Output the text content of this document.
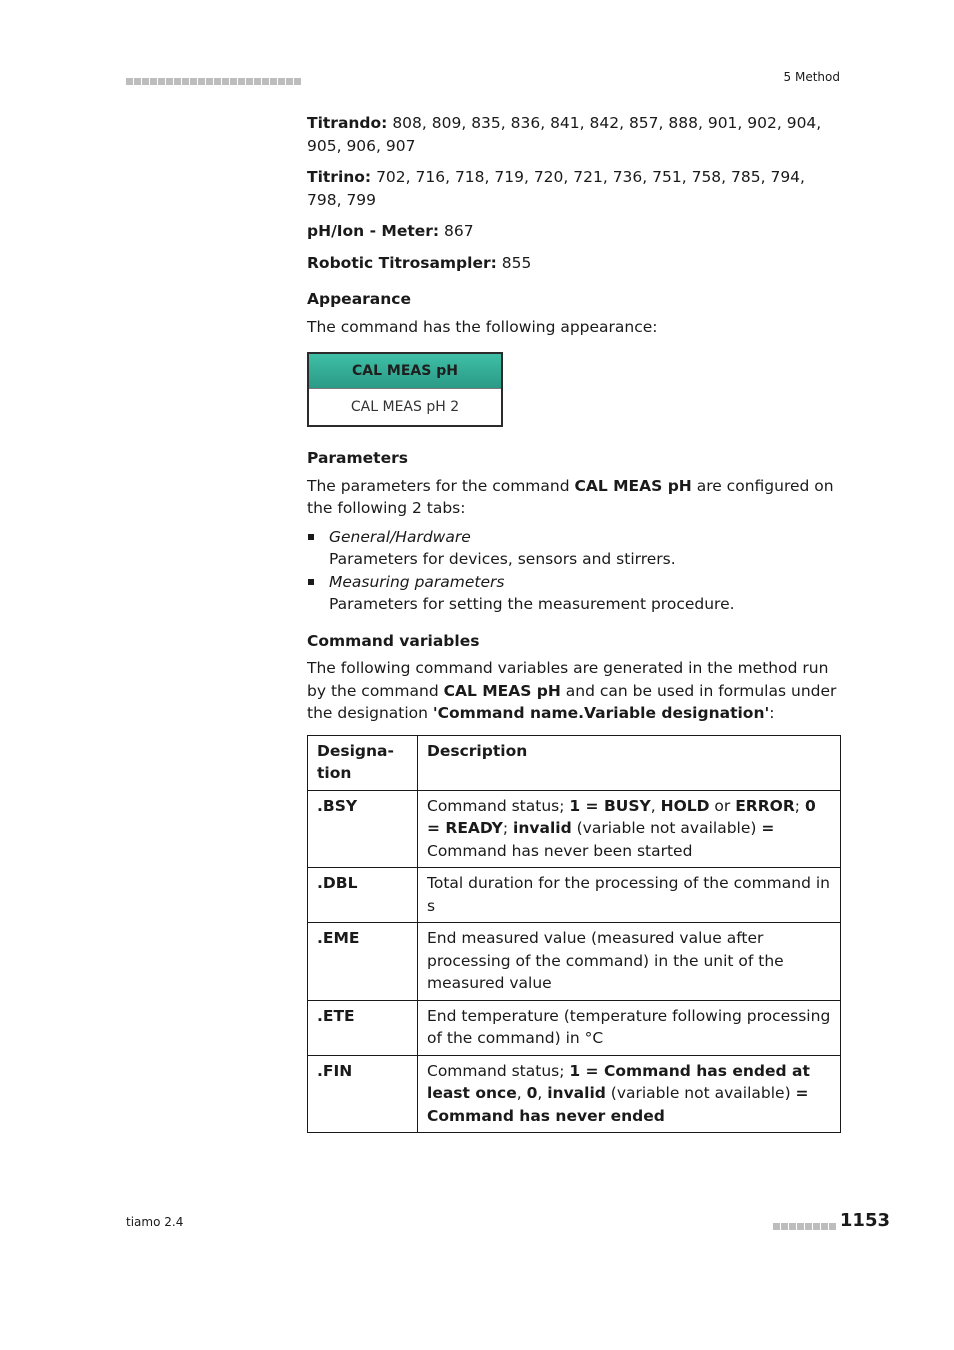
5 Method

Titrando: 808, 809, 835, 836, 841, 842, 857, 888, 901, 902, 904, 905, 906, 907

Titrino: 702, 716, 718, 719, 720, 721, 736, 751, 758, 785, 794, 798, 799

pH/Ion - Meter: 867

Robotic Titrosampler: 855

Appearance

The command has the following appearance:

CAL MEAS pH
CAL MEAS pH 2

Parameters

The parameters for the command CAL MEAS pH are configured on the following 2 tabs:

General/Hardware
Parameters for devices, sensors and stirrers.
Measuring parameters
Parameters for setting the measurement procedure.

Command variables

The following command variables are generated in the method run by the command CAL MEAS pH and can be used in formulas under the designation 'Command name.Variable designation':

Designation	Description
.BSY	Command status; 1 = BUSY, HOLD or ERROR; 0 = READY; invalid (variable not available) = Command has never been started
.DBL	Total duration for the processing of the command in s
.EME	End measured value (measured value after processing of the command) in the unit of the measured value
.ETE	End temperature (temperature following processing of the command) in °C
.FIN	Command status; 1 = Command has ended at least once, 0, invalid (variable not available) = Command has never ended
tiamo 2.4	1153
